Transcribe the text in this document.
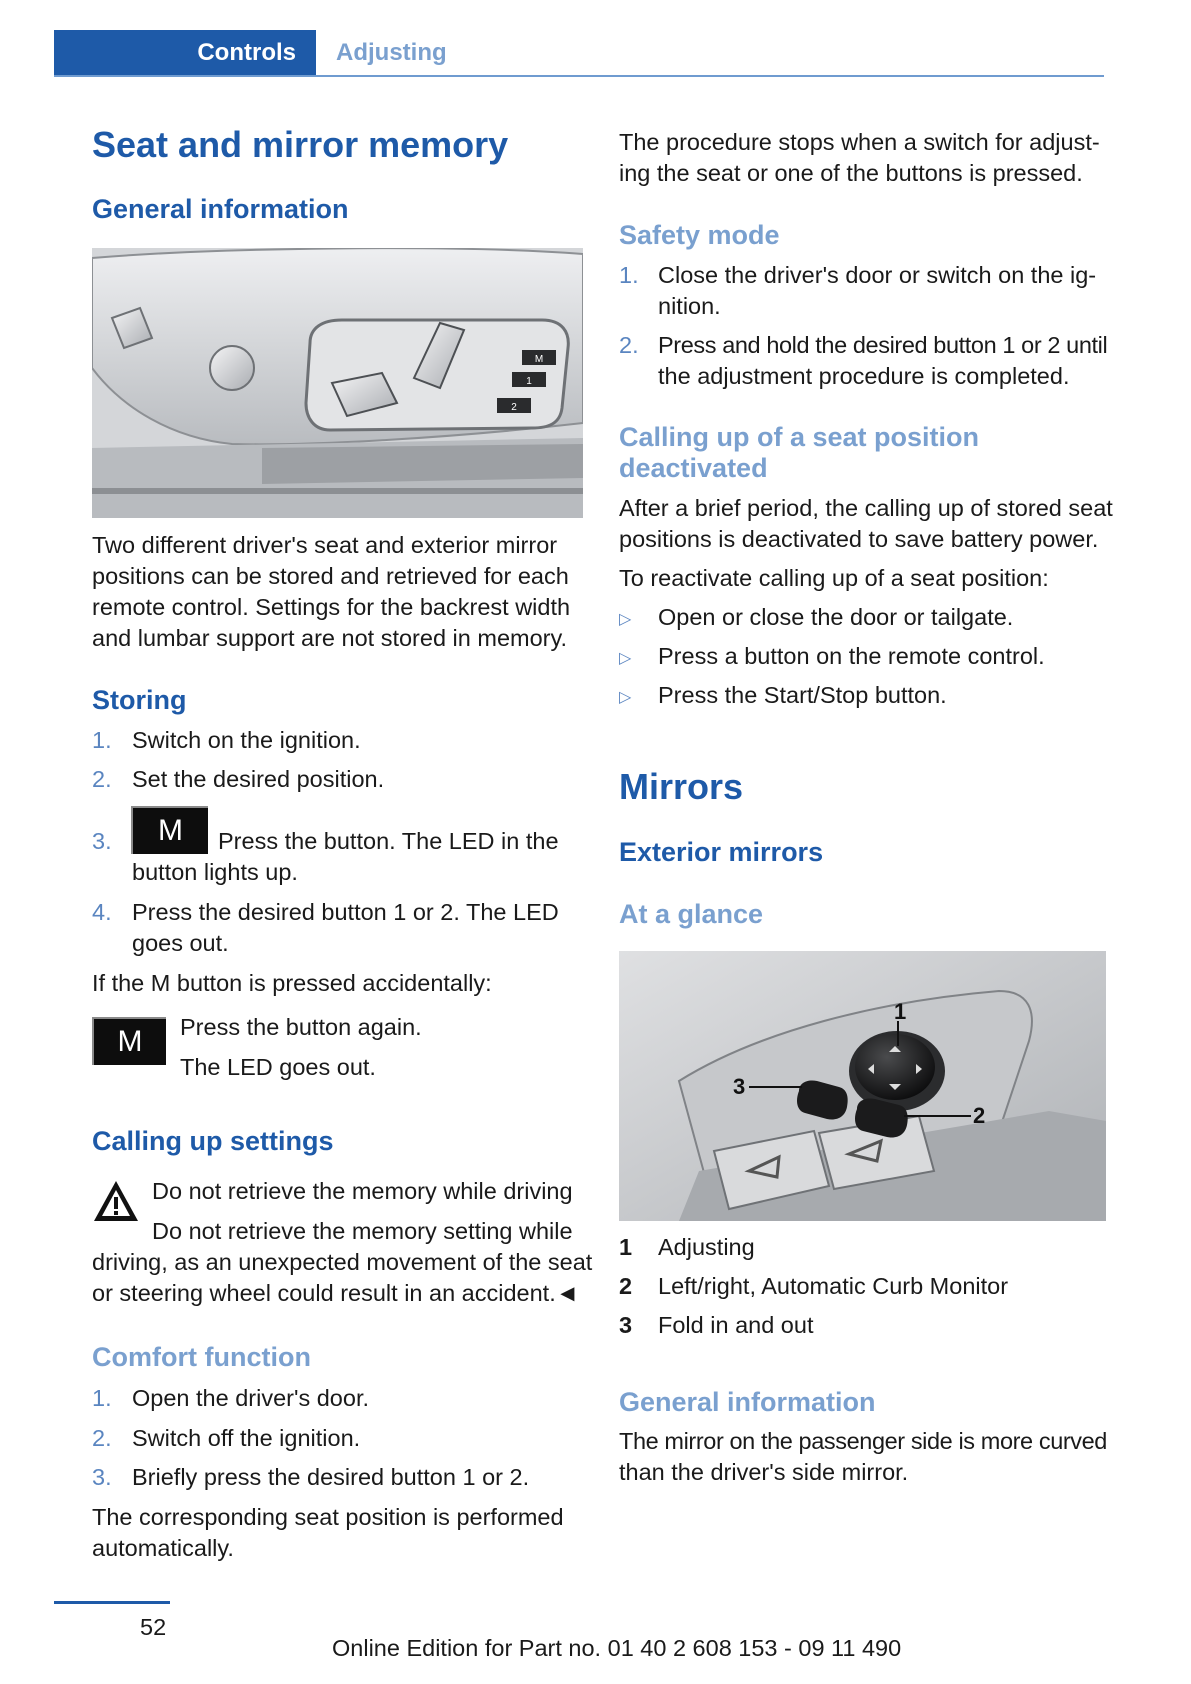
Controls Adjusting
Seat and mirror memory
General information
M
1
2
Two different driver's seat and exterior mirror
positions can be stored and retrieved for each
remote control. Settings for the backrest width
and lumbar support are not stored in memory.
Storing
1. Switch on the ignition.
2. Set the desired position.
3.	M	Press the button. The LED in the
button lights up.
4. Press the desired button 1 or 2. The LED
goes out.
If the M button is pressed accidentally:
M	Press the button again.
The LED goes out.
Calling up settings
Do not retrieve the memory while driving
Do not retrieve the memory setting while
driving, as an unexpected movement of the seat
or steering wheel could result in an accident.◄
Comfort function
1. Open the driver's door.
2. Switch off the ignition.
3. Briefly press the desired button 1 or 2.
The corresponding seat position is performed
automatically.
The procedure stops when a switch for adjust-
ing the seat or one of the buttons is pressed.
Safety mode
1. Close the driver's door or switch on the ig-
nition.
2. Press and hold the desired button 1 or 2 until
the adjustment procedure is completed.
Calling up of a seat position
deactivated
After a brief period, the calling up of stored seat
positions is deactivated to save battery power.
To reactivate calling up of a seat position:
▷ Open or close the door or tailgate.
▷ Press a button on the remote control.
▷ Press the Start/Stop button.
Mirrors
Exterior mirrors
At a glance
1
2
3
1 Adjusting
2 Left/right, Automatic Curb Monitor
3 Fold in and out
General information
The mirror on the passenger side is more curved
than the driver's side mirror.
52
Online Edition for Part no. 01 40 2 608 153 - 09 11 490
